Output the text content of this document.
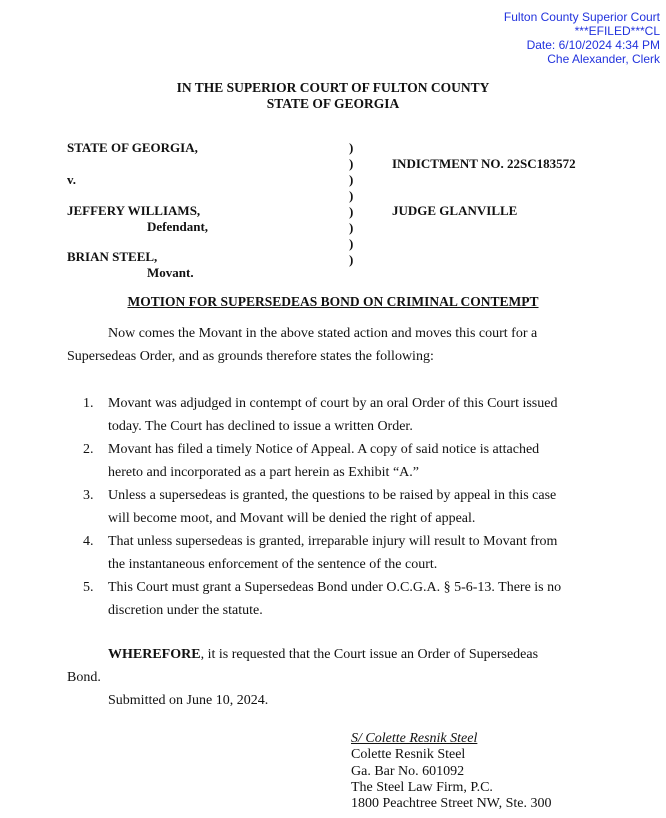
Fulton County Superior Court
***EFILED***CL
Date: 6/10/2024 4:34 PM
Che Alexander, Clerk
IN THE SUPERIOR COURT OF FULTON COUNTY
STATE OF GEORGIA
STATE OF GEORGIA,
v.
JEFFERY WILLIAMS,
Defendant,
BRIAN STEEL,
Movant.
)
)
)
)
)
)
)
)
INDICTMENT NO. 22SC183572
JUDGE GLANVILLE
MOTION FOR SUPERSEDEAS BOND ON CRIMINAL CONTEMPT
Now comes the Movant in the above stated action and moves this court for a
Supersedeas Order, and as grounds therefore states the following:
1. Movant was adjudged in contempt of court by an oral Order of this Court issued
today. The Court has declined to issue a written Order.
2. Movant has filed a timely Notice of Appeal. A copy of said notice is attached
hereto and incorporated as a part herein as Exhibit “A.”
3. Unless a supersedeas is granted, the questions to be raised by appeal in this case
will become moot, and Movant will be denied the right of appeal.
4. That unless supersedeas is granted, irreparable injury will result to Movant from
the instantaneous enforcement of the sentence of the court.
5. This Court must grant a Supersedeas Bond under O.C.G.A. § 5-6-13. There is no
discretion under the statute.
WHEREFORE, it is requested that the Court issue an Order of Supersedeas
Bond.
Submitted on June 10, 2024.
S/ Colette Resnik Steel
Colette Resnik Steel
Ga. Bar No. 601092
The Steel Law Firm, P.C.
1800 Peachtree Street NW, Ste. 300
